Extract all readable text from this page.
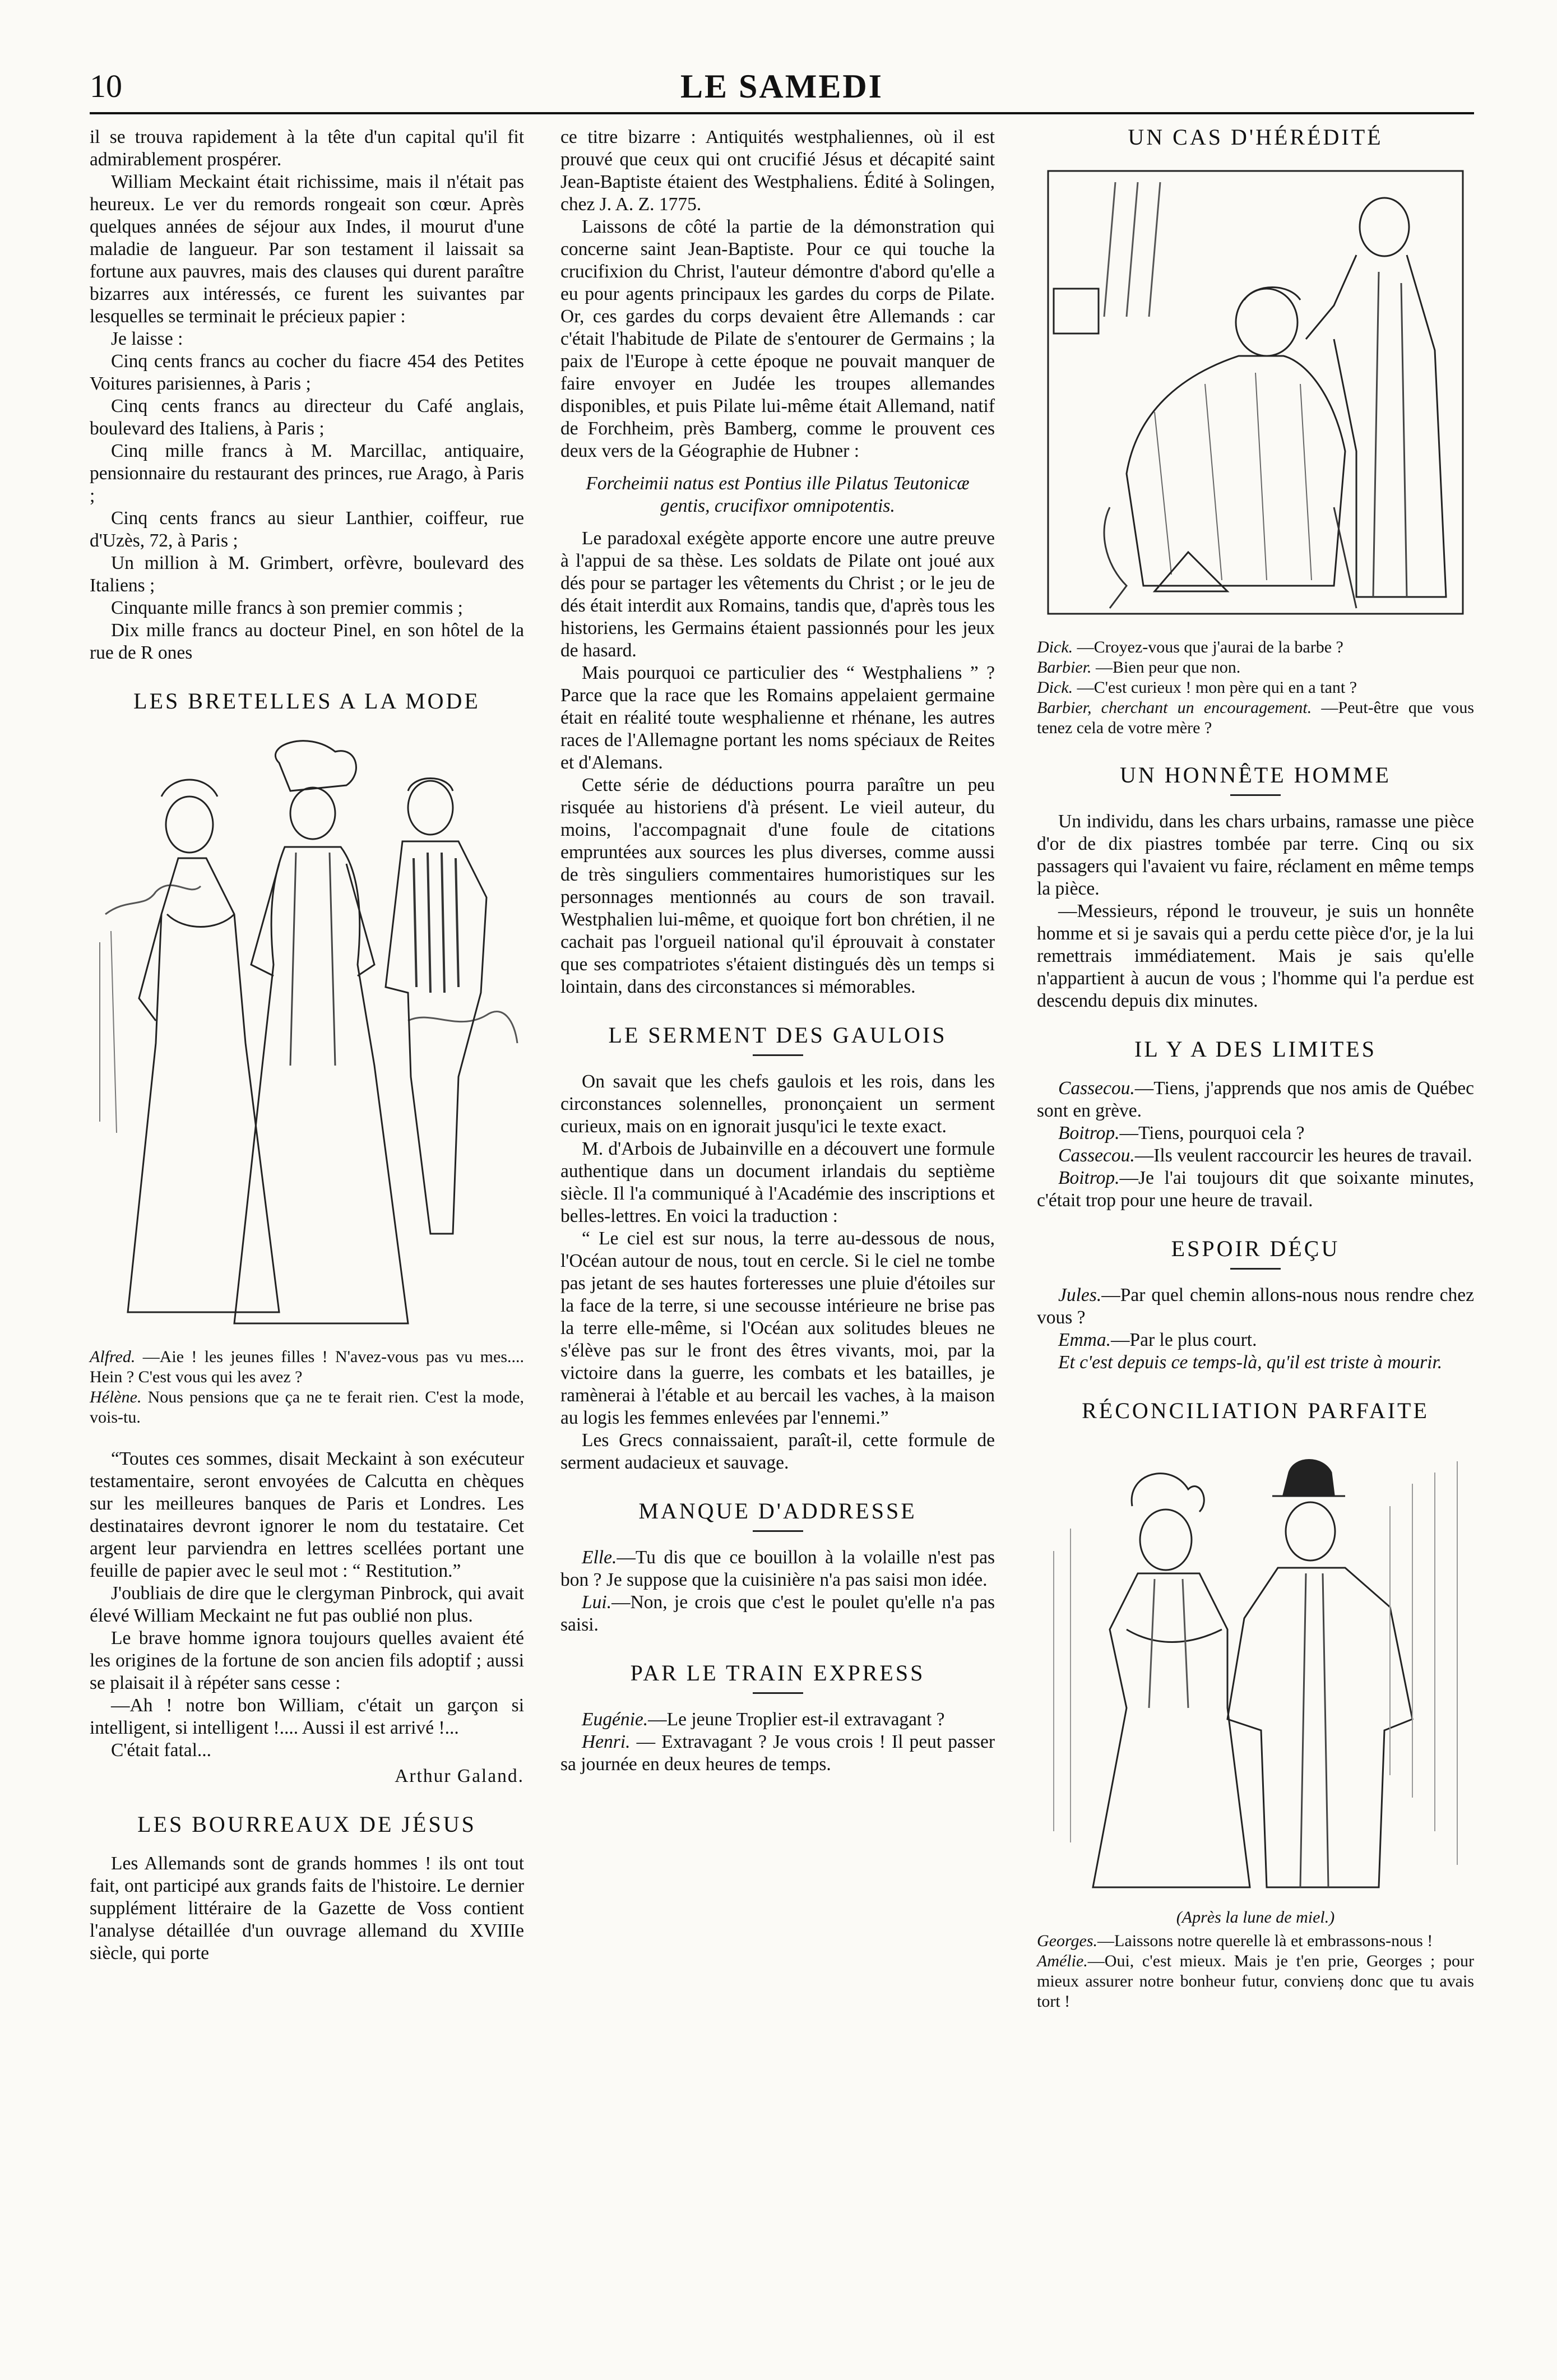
10	LE SAMEDI

il se trouva rapidement à la tête d'un capital qu'il fit admirablement prospérer.

William Meckaint était richissime, mais il n'était pas heureux. Le ver du remords rongeait son cœur. Après quelques années de séjour aux Indes, il mourut d'une maladie de langueur. Par son testament il laissait sa fortune aux pauvres, mais des clauses qui durent paraître bizarres aux intéressés, ce furent les suivantes par lesquelles se terminait le précieux papier :

Je laisse :

Cinq cents francs au cocher du fiacre 454 des Petites Voitures parisiennes, à Paris ;

Cinq cents francs au directeur du Café anglais, boulevard des Italiens, à Paris ;

Cinq mille francs à M. Marcillac, antiquaire, pensionnaire du restaurant des princes, rue Arago, à Paris ;

Cinq cents francs au sieur Lanthier, coiffeur, rue d'Uzès, 72, à Paris ;

Un million à M. Grimbert, orfèvre, boulevard des Italiens ;

Cinquante mille francs à son premier commis ;

Dix mille francs au docteur Pinel, en son hôtel de la rue de R ones

LES BRETELLES A LA MODE
Alfred. —Aie ! les jeunes filles ! N'avez-vous pas vu mes.... Hein ? C'est vous qui les avez ?
Hélène. Nous pensions que ça ne te ferait rien. C'est la mode, vois-tu.

“Toutes ces sommes, disait Meckaint à son exécuteur testamentaire, seront envoyées de Calcutta en chèques sur les meilleures banques de Paris et Londres. Les destinataires devront ignorer le nom du testataire. Cet argent leur parviendra en lettres scellées portant une feuille de papier avec le seul mot : “ Restitution.”

J'oubliais de dire que le clergyman Pinbrock, qui avait élevé William Meckaint ne fut pas oublié non plus.

Le brave homme ignora toujours quelles avaient été les origines de la fortune de son ancien fils adoptif ; aussi se plaisait il à répéter sans cesse :

—Ah ! notre bon William, c'était un garçon si intelligent, si intelligent !.... Aussi il est arrivé !...

C'était fatal...

Arthur Galand.

LES BOURREAUX DE JÉSUS

Les Allemands sont de grands hommes ! ils ont tout fait, ont participé aux grands faits de l'histoire. Le dernier supplément littéraire de la Gazette de Voss contient l'analyse détaillée d'un ouvrage allemand du XVIIIe siècle, qui porte

ce titre bizarre : Antiquités westphaliennes, où il est prouvé que ceux qui ont crucifié Jésus et décapité saint Jean-Baptiste étaient des Westphaliens. Édité à Solingen, chez J. A. Z. 1775.

Laissons de côté la partie de la démonstration qui concerne saint Jean-Baptiste. Pour ce qui touche la crucifixion du Christ, l'auteur démontre d'abord qu'elle a eu pour agents principaux les gardes du corps de Pilate. Or, ces gardes du corps devaient être Allemands : car c'était l'habitude de Pilate de s'entourer de Germains ; la paix de l'Europe à cette époque ne pouvait manquer de faire envoyer en Judée les troupes allemandes disponibles, et puis Pilate lui-même était Allemand, natif de Forchheim, près Bamberg, comme le prouvent ces deux vers de la Géographie de Hubner :

Forcheimii natus est Pontius ille Pilatus Teutonicæ gentis, crucifixor omnipotentis.

Le paradoxal exégète apporte encore une autre preuve à l'appui de sa thèse. Les soldats de Pilate ont joué aux dés pour se partager les vêtements du Christ ; or le jeu de dés était interdit aux Romains, tandis que, d'après tous les historiens, les Germains étaient passionnés pour les jeux de hasard.

Mais pourquoi ce particulier des “ Westphaliens ” ? Parce que la race que les Romains appelaient germaine était en réalité toute wesphalienne et rhénane, les autres races de l'Allemagne portant les noms spéciaux de Reites et d'Alemans.

Cette série de déductions pourra paraître un peu risquée au historiens d'à présent. Le vieil auteur, du moins, l'accompagnait d'une foule de citations empruntées aux sources les plus diverses, comme aussi de très singuliers commentaires humoristiques sur les personnages mentionnés au cours de son travail. Westphalien lui-même, et quoique fort bon chrétien, il ne cachait pas l'orgueil national qu'il éprouvait à constater que ses compatriotes s'étaient distingués dès un temps si lointain, dans des circonstances si mémorables.

LE SERMENT DES GAULOIS

On savait que les chefs gaulois et les rois, dans les circonstances solennelles, prononçaient un serment curieux, mais on en ignorait jusqu'ici le texte exact.

M. d'Arbois de Jubainville en a découvert une formule authentique dans un document irlandais du septième siècle. Il l'a communiqué à l'Académie des inscriptions et belles-lettres. En voici la traduction :

“ Le ciel est sur nous, la terre au-dessous de nous, l'Océan autour de nous, tout en cercle. Si le ciel ne tombe pas jetant de ses hautes forteresses une pluie d'étoiles sur la face de la terre, si une secousse intérieure ne brise pas la terre elle-même, si l'Océan aux solitudes bleues ne s'élève pas sur le front des êtres vivants, moi, par la victoire dans la guerre, les combats et les batailles, je ramènerai à l'étable et au bercail les vaches, à la maison au logis les femmes enlevées par l'ennemi.”

Les Grecs connaissaient, paraît-il, cette formule de serment audacieux et sauvage.

MANQUE D'ADDRESSE

Elle.—Tu dis que ce bouillon à la volaille n'est pas bon ? Je suppose que la cuisinière n'a pas saisi mon idée.

Lui.—Non, je crois que c'est le poulet qu'elle n'a pas saisi.

PAR LE TRAIN EXPRESS

Eugénie.—Le jeune Troplier est-il extravagant ?

Henri. — Extravagant ? Je vous crois ! Il peut passer sa journée en deux heures de temps.

UN CAS D'HÉRÉDITÉ
Dick. —Croyez-vous que j'aurai de la barbe ?
Barbier. —Bien peur que non.
Dick. —C'est curieux ! mon père qui en a tant ?
Barbier, cherchant un encouragement. —Peut-être que vous tenez cela de votre mère ?
UN HONNÊTE HOMME

Un individu, dans les chars urbains, ramasse une pièce d'or de dix piastres tombée par terre. Cinq ou six passagers qui l'avaient vu faire, réclament en même temps la pièce.

—Messieurs, répond le trouveur, je suis un honnête homme et si je savais qui a perdu cette pièce d'or, je la lui remettrais immédiatement. Mais je sais qu'elle n'appartient à aucun de vous ; l'homme qui l'a perdue est descendu depuis dix minutes.

IL Y A DES LIMITES

Cassecou.—Tiens, j'apprends que nos amis de Québec sont en grève.

Boitrop.—Tiens, pourquoi cela ?

Cassecou.—Ils veulent raccourcir les heures de travail.

Boitrop.—Je l'ai toujours dit que soixante minutes, c'était trop pour une heure de travail.

ESPOIR DÉÇU

Jules.—Par quel chemin allons-nous nous rendre chez vous ?

Emma.—Par le plus court.

Et c'est depuis ce temps-là, qu'il est triste à mourir.

RÉCONCILIATION PARFAITE
(Après la lune de miel.)
Georges.—Laissons notre querelle là et embrassons-nous !
Amélie.—Oui, c'est mieux. Mais je t'en prie, Georges ; pour mieux assurer notre bonheur futur, convienș donc que tu avais tort !
